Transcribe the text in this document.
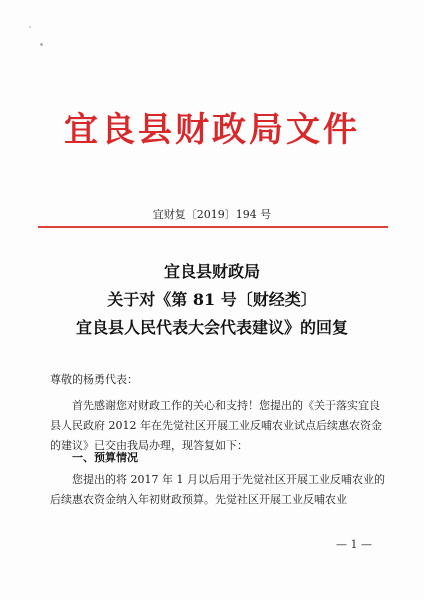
宜良县财政局文件
宜财复〔2019〕194 号
宜良县财政局
关于对《第 81 号〔财经类〕
宜良县人民代表大会代表建议》的回复
尊敬的杨勇代表：
首先感谢您对财政工作的关心和支持！您提出的《关于落实宜良县人民政府 2012 年在先觉社区开展工业反哺农业试点后续惠农资金的建议》已交由我局办理，现答复如下：
一、预算情况
您提出的将 2017 年 1 月以后用于先觉社区开展工业反哺农业的后续惠农资金纳入年初财政预算。先觉社区开展工业反哺农业
— 1 —
